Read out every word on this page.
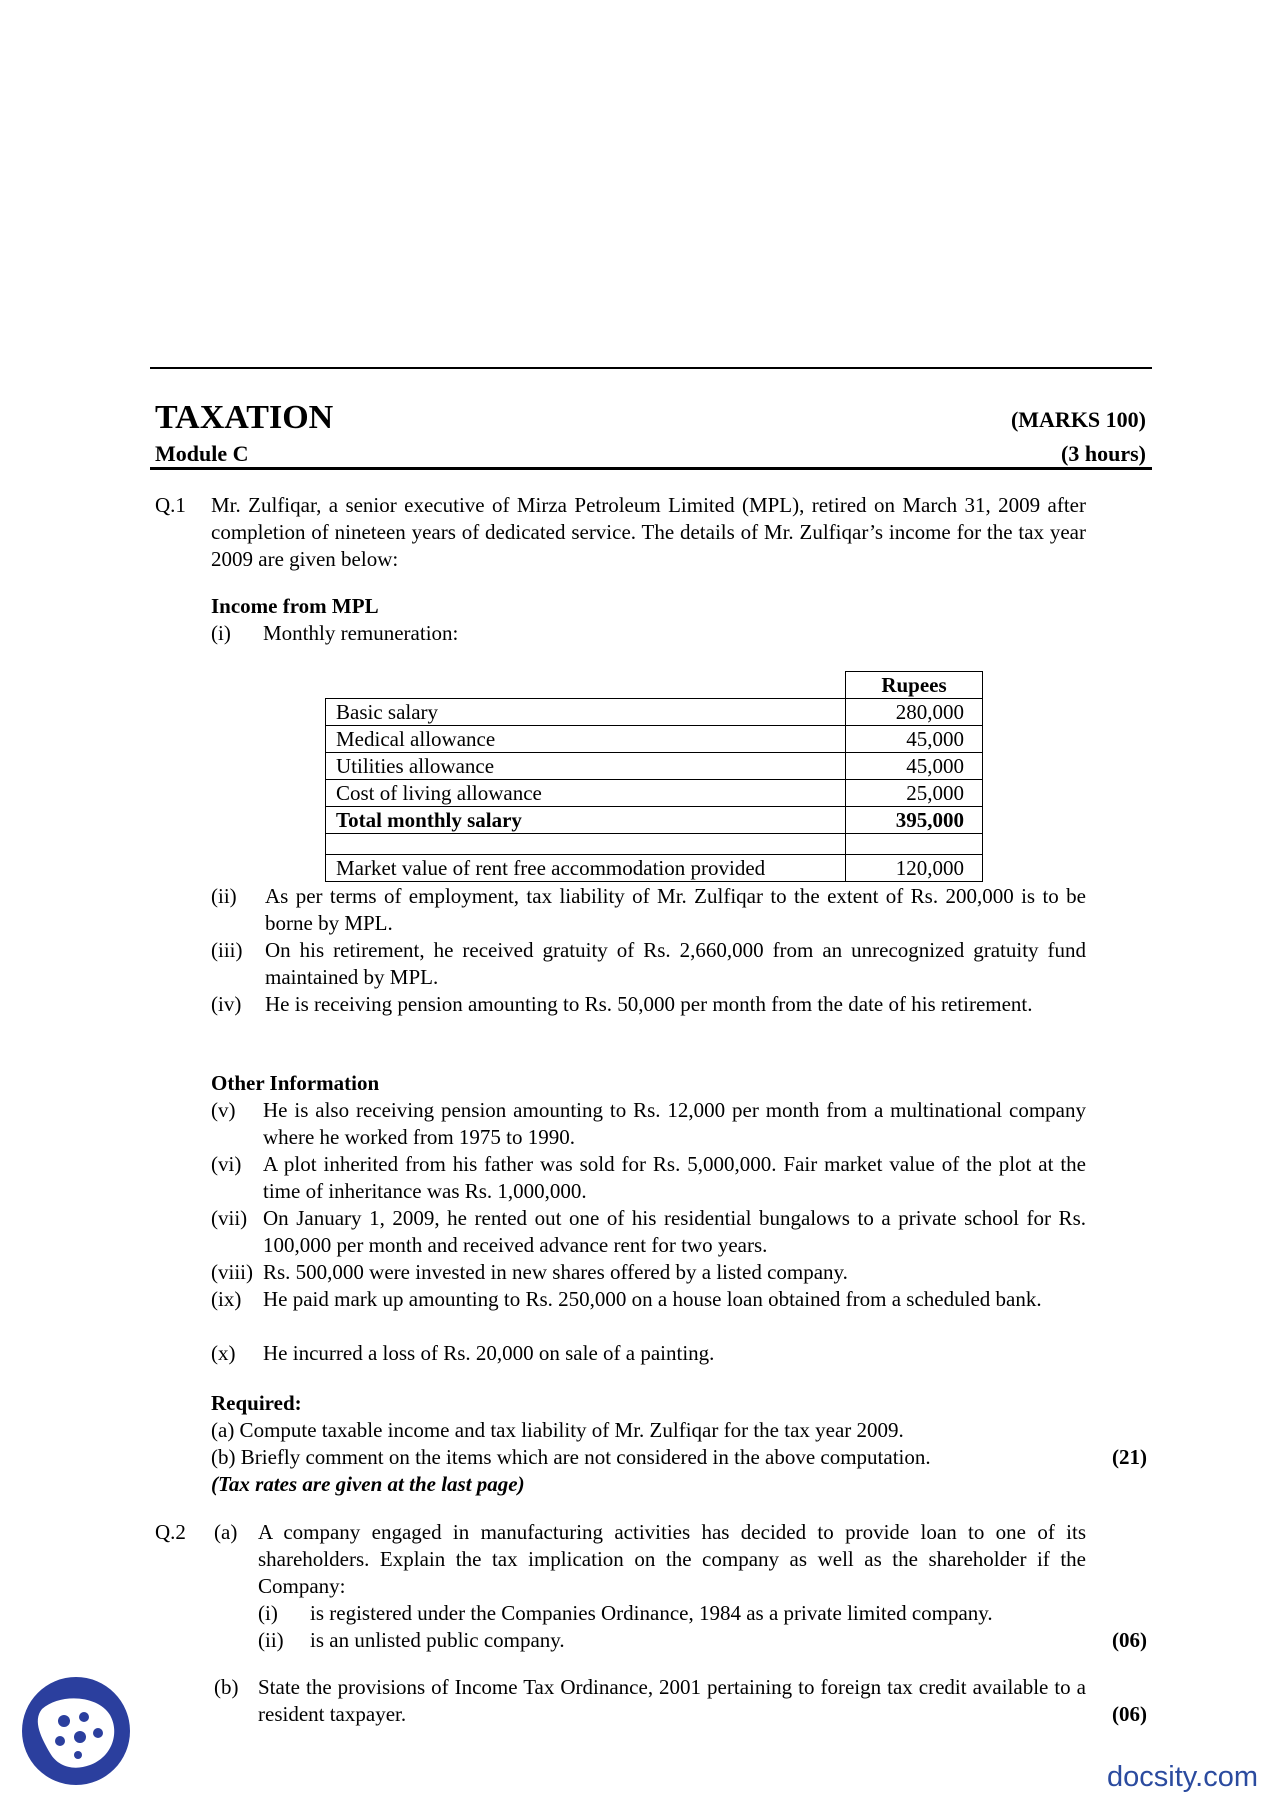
TAXATION	(MARKS 100)
Module C	(3 hours)
Q.1 Mr. Zulfiqar, a senior executive of Mirza Petroleum Limited (MPL), retired on March 31, 2009 after completion of nineteen years of dedicated service. The details of Mr. Zulfiqar’s income for the tax year 2009 are given below:
Income from MPL
(i) Monthly remuneration:
	Rupees
Basic salary	280,000
Medical allowance	45,000
Utilities allowance	45,000
Cost of living allowance	25,000
Total monthly salary	395,000

Market value of rent free accommodation provided	120,000
(ii) As per terms of employment, tax liability of Mr. Zulfiqar to the extent of Rs. 200,000 is to be borne by MPL.
(iii) On his retirement, he received gratuity of Rs. 2,660,000 from an unrecognized gratuity fund maintained by MPL.
(iv) He is receiving pension amounting to Rs. 50,000 per month from the date of his retirement.
Other Information
(v) He is also receiving pension amounting to Rs. 12,000 per month from a multinational company where he worked from 1975 to 1990.
(vi) A plot inherited from his father was sold for Rs. 5,000,000. Fair market value of the plot at the time of inheritance was Rs. 1,000,000.
(vii) On January 1, 2009, he rented out one of his residential bungalows to a private school for Rs. 100,000 per month and received advance rent for two years.
(viii) Rs. 500,000 were invested in new shares offered by a listed company.
(ix) He paid mark up amounting to Rs. 250,000 on a house loan obtained from a scheduled bank.
(x) He incurred a loss of Rs. 20,000 on sale of a painting.
Required:
(a) Compute taxable income and tax liability of Mr. Zulfiqar for the tax year 2009.
(b) Briefly comment on the items which are not considered in the above computation.	(21)
(Tax rates are given at the last page)
Q.2 (a) A company engaged in manufacturing activities has decided to provide loan to one of its shareholders. Explain the tax implication on the company as well as the shareholder if the Company:
(i) is registered under the Companies Ordinance, 1984 as a private limited company.
(ii) is an unlisted public company.	(06)
(b) State the provisions of Income Tax Ordinance, 2001 pertaining to foreign tax credit available to a resident taxpayer.	(06)
docsity.com
